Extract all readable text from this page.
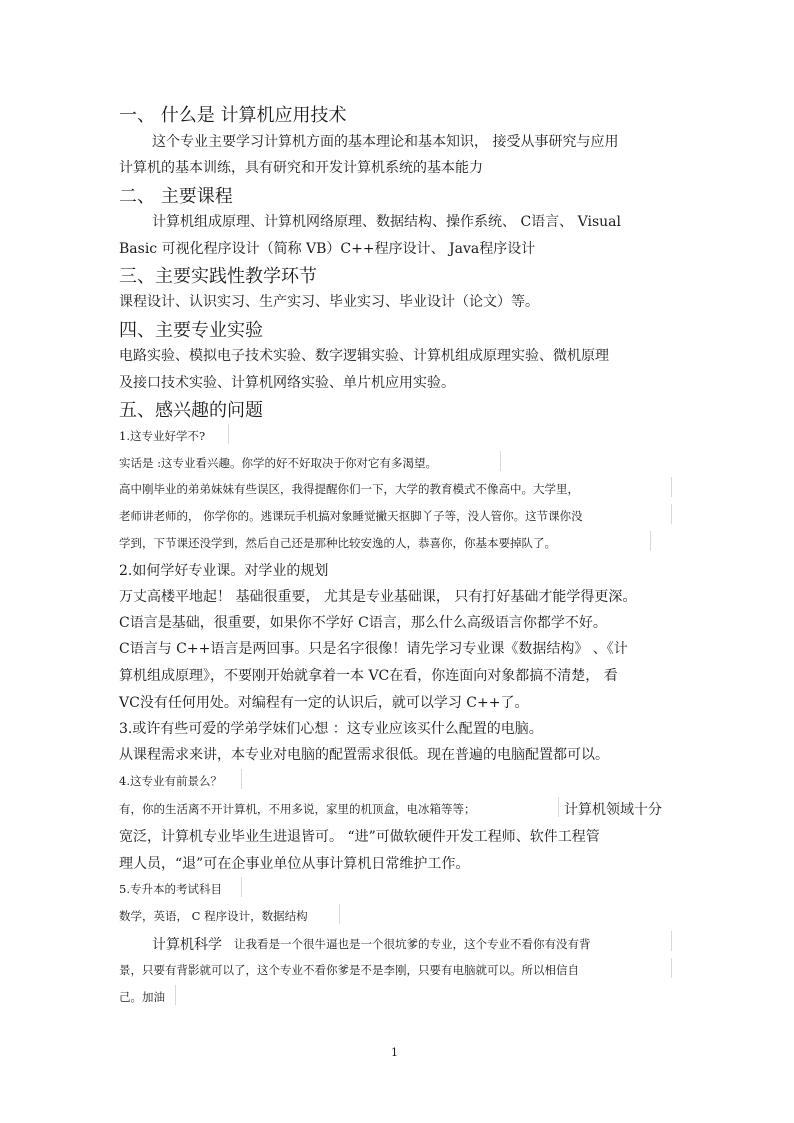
一、 什么是 计算机应用技术
这个专业主要学习计算机方面的基本理论和基本知识， 接受从事研究与应用
计算机的基本训练，具有研究和开发计算机系统的基本能力
二、 主要课程
计算机组成原理、计算机网络原理、数据结构、操作系统、 C语言、 Visual
Basic 可视化程序设计（简称 VB）C++程序设计、 Java程序设计
三、主要实践性教学环节
课程设计、认识实习、生产实习、毕业实习、毕业设计（论文）等。
四、主要专业实验
电路实验、模拟电子技术实验、数字逻辑实验、计算机组成原理实验、微机原理
及接口技术实验、计算机网络实验、单片机应用实验。
五、感兴趣的问题
1.这专业好学不?
实话是 :这专业看兴趣。你学的好不好取决于你对它有多渴望。
高中刚毕业的弟弟妹妹有些误区，我得提醒你们一下，大学的教育模式不像高中。大学里，
老师讲老师的， 你学你的。逃课玩手机搞对象睡觉撇天抠脚丫子等，没人管你。这节课你没
学到，下节课还没学到，然后自己还是那种比较安逸的人，恭喜你，你基本要掉队了。
2.如何学好专业课。对学业的规划
万丈高楼平地起！ 基础很重要， 尤其是专业基础课， 只有打好基础才能学得更深。
C语言是基础，很重要，如果你不学好 C语言，那么什么高级语言你都学不好。
C语言与 C++语言是两回事。只是名字很像！请先学习专业课《数据结构》 、《计
算机组成原理》，不要刚开始就拿着一本 VC在看，你连面向对象都搞不清楚， 看
VC没有任何用处。对编程有一定的认识后，就可以学习 C++了。
3.或许有些可爱的学弟学妹们心想 ：这专业应该买什么配置的电脑。
从课程需求来讲，本专业对电脑的配置需求很低。现在普遍的电脑配置都可以。
4.这专业有前景么？
有，你的生活离不开计算机，不用多说，家里的机顶盒，电冰箱等等；	计算机领域十分
宽泛，计算机专业毕业生进退皆可。 “进”可做软硬件开发工程师、软件工程管
理人员，“退”可在企事业单位从事计算机日常维护工作。
5.专升本的考试科目
数学，英语， C 程序设计，数据结构
计算机科学 让我看是一个很牛逼也是一个很坑爹的专业，这个专业不看你有没有背
景，只要有背影就可以了，这个专业不看你爹是不是李刚，只要有电脑就可以。所以相信自
己。加油
1
